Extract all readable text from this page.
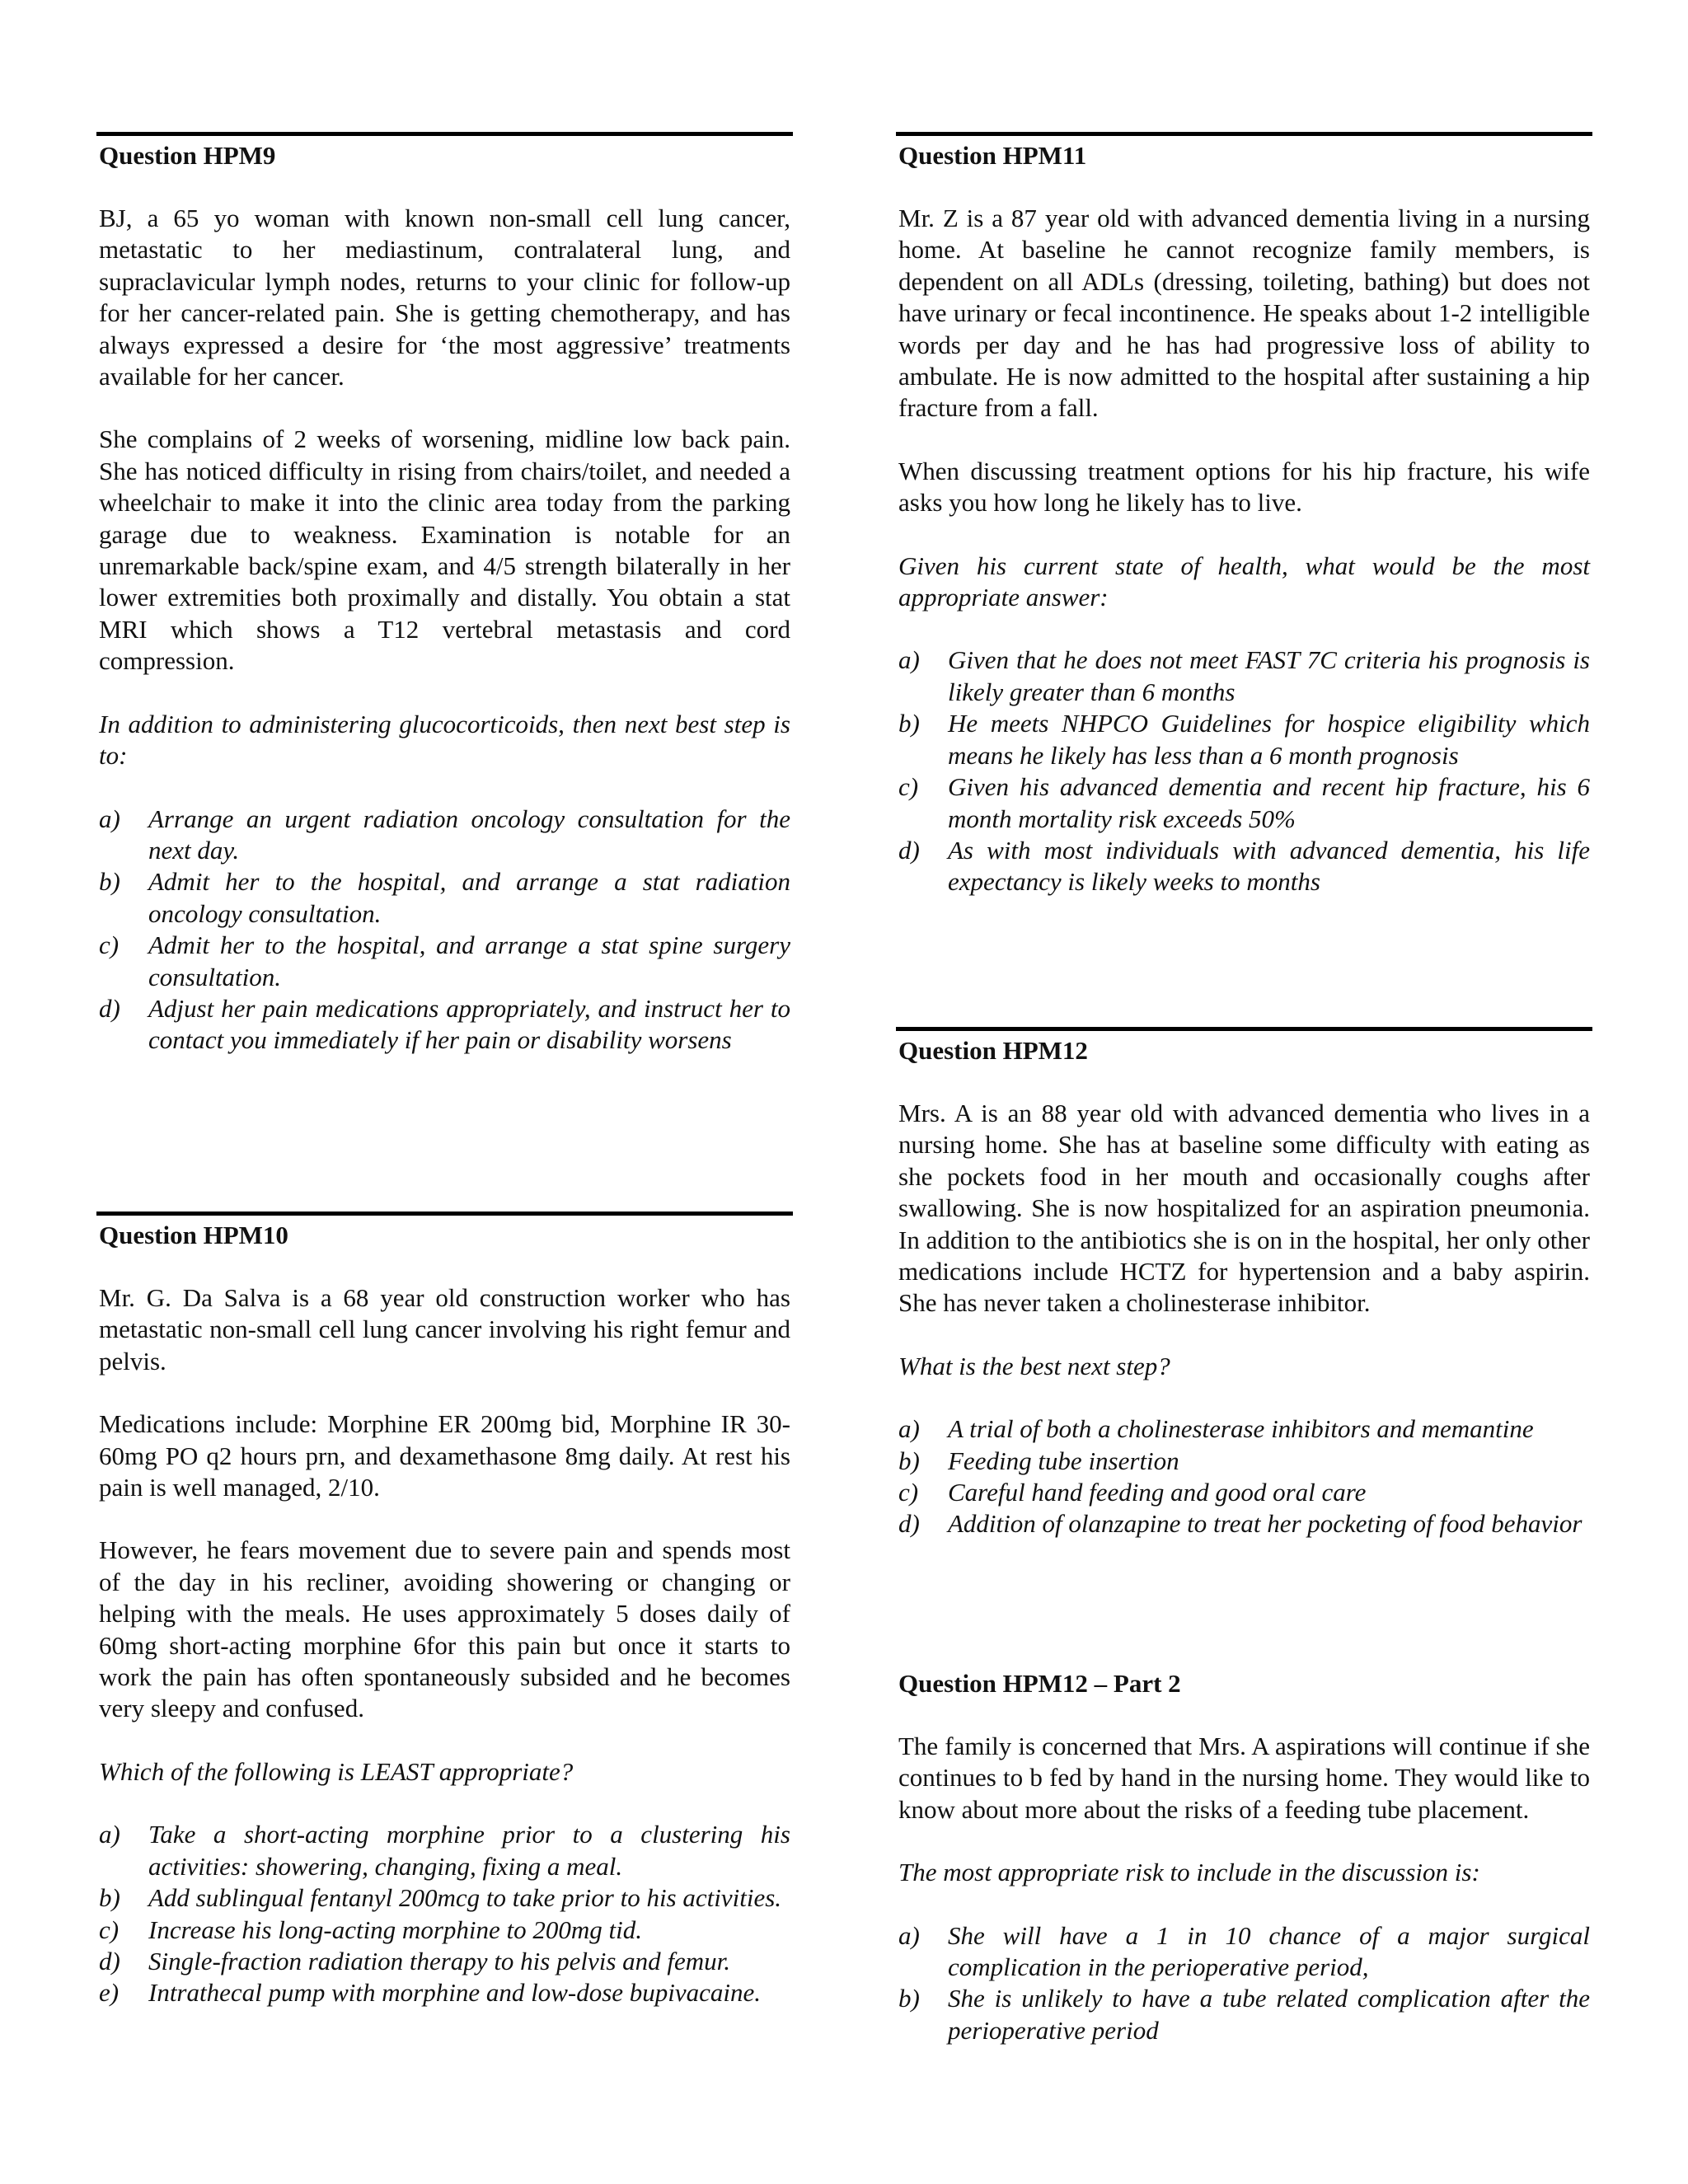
Question HPM9

BJ, a 65 yo woman with known non-small cell lung cancer, metastatic to her mediastinum, contralateral lung, and supraclavicular lymph nodes, returns to your clinic for follow-up for her cancer-related pain. She is getting chemotherapy, and has always expressed a desire for ‘the most aggressive’ treatments available for her cancer.

She complains of 2 weeks of worsening, midline low back pain. She has noticed difficulty in rising from chairs/toilet, and needed a wheelchair to make it into the clinic area today from the parking garage due to weakness. Examination is notable for an unremarkable back/spine exam, and 4/5 strength bilaterally in her lower extremities both proximally and distally. You obtain a stat MRI which shows a T12 vertebral metastasis and cord compression.

In addition to administering glucocorticoids, then next best step is to:

a) Arrange an urgent radiation oncology consultation for the next day.
b) Admit her to the hospital, and arrange a stat radiation oncology consultation.
c) Admit her to the hospital, and arrange a stat spine surgery consultation.
d) Adjust her pain medications appropriately, and instruct her to contact you immediately if her pain or disability worsens
Question HPM10

Mr. G. Da Salva is a 68 year old construction worker who has metastatic non-small cell lung cancer involving his right femur and pelvis.

Medications include: Morphine ER 200mg bid, Morphine IR 30-60mg PO q2 hours prn, and dexamethasone 8mg daily. At rest his pain is well managed, 2/10.

However, he fears movement due to severe pain and spends most of the day in his recliner, avoiding showering or changing or helping with the meals. He uses approximately 5 doses daily of 60mg short-acting morphine 6for this pain but once it starts to work the pain has often spontaneously subsided and he becomes very sleepy and confused.

Which of the following is LEAST appropriate?

a) Take a short-acting morphine prior to a clustering his activities: showering, changing, fixing a meal.
b) Add sublingual fentanyl 200mcg to take prior to his activities.
c) Increase his long-acting morphine to 200mg tid.
d) Single-fraction radiation therapy to his pelvis and femur.
e) Intrathecal pump with morphine and low-dose bupivacaine.
Question HPM11

Mr. Z is a 87 year old with advanced dementia living in a nursing home. At baseline he cannot recognize family members, is dependent on all ADLs (dressing, toileting, bathing) but does not have urinary or fecal incontinence. He speaks about 1-2 intelligible words per day and he has had progressive loss of ability to ambulate. He is now admitted to the hospital after sustaining a hip fracture from a fall.

When discussing treatment options for his hip fracture, his wife asks you how long he likely has to live.

Given his current state of health, what would be the most appropriate answer:

a) Given that he does not meet FAST 7C criteria his prognosis is likely greater than 6 months
b) He meets NHPCO Guidelines for hospice eligibility which means he likely has less than a 6 month prognosis
c) Given his advanced dementia and recent hip fracture, his 6 month mortality risk exceeds 50%
d) As with most individuals with advanced dementia, his life expectancy is likely weeks to months
Question HPM12

Mrs. A is an 88 year old with advanced dementia who lives in a nursing home. She has at baseline some difficulty with eating as she pockets food in her mouth and occasionally coughs after swallowing. She is now hospitalized for an aspiration pneumonia. In addition to the antibiotics she is on in the hospital, her only other medications include HCTZ for hypertension and a baby aspirin. She has never taken a cholinesterase inhibitor.

What is the best next step?

a) A trial of both a cholinesterase inhibitors and memantine
b) Feeding tube insertion
c) Careful hand feeding and good oral care
d) Addition of olanzapine to treat her pocketing of food behavior
Question HPM12 – Part 2

The family is concerned that Mrs. A aspirations will continue if she continues to b fed by hand in the nursing home. They would like to know about more about the risks of a feeding tube placement.

The most appropriate risk to include in the discussion is:

a) She will have a 1 in 10 chance of a major surgical complication in the perioperative period,
b) She is unlikely to have a tube related complication after the perioperative period
